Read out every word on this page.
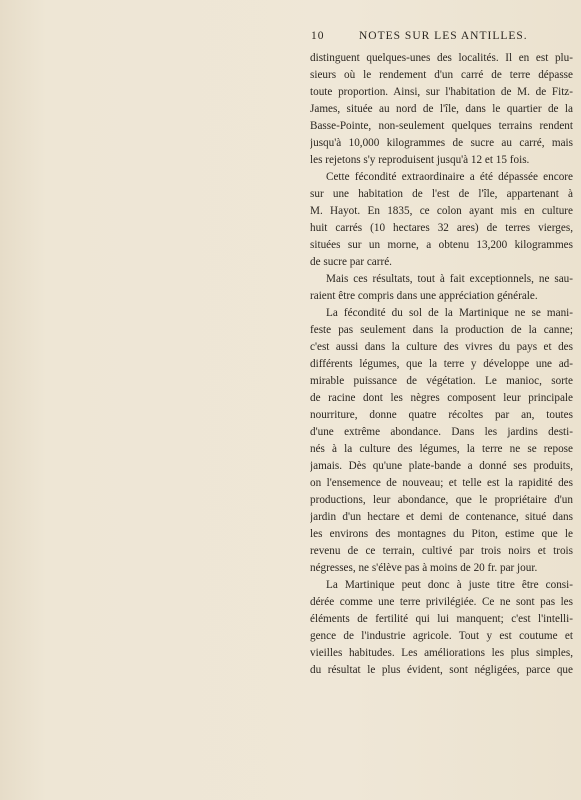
10	NOTES SUR LES ANTILLES.
distinguent quelques-unes des localités. Il en est plu-
sieurs où le rendement d'un carré de terre dépasse
toute proportion. Ainsi, sur l'habitation de M. de Fitz-
James, située au nord de l'île, dans le quartier de la
Basse-Pointe, non-seulement quelques terrains rendent
jusqu'à 10,000 kilogrammes de sucre au carré, mais
les rejetons s'y reproduisent jusqu'à 12 et 15 fois.
Cette fécondité extraordinaire a été dépassée encore
sur une habitation de l'est de l'île, appartenant à
M. Hayot. En 1835, ce colon ayant mis en culture
huit carrés (10 hectares 32 ares) de terres vierges,
situées sur un morne, a obtenu 13,200 kilogrammes
de sucre par carré.
Mais ces résultats, tout à fait exceptionnels, ne sau-
raient être compris dans une appréciation générale.
La fécondité du sol de la Martinique ne se mani-
feste pas seulement dans la production de la canne;
c'est aussi dans la culture des vivres du pays et des
différents légumes, que la terre y développe une ad-
mirable puissance de végétation. Le manioc, sorte
de racine dont les nègres composent leur principale
nourriture, donne quatre récoltes par an, toutes
d'une extrême abondance. Dans les jardins desti-
nés à la culture des légumes, la terre ne se repose
jamais. Dès qu'une plate-bande a donné ses produits,
on l'ensemence de nouveau; et telle est la rapidité des
productions, leur abondance, que le propriétaire d'un
jardin d'un hectare et demi de contenance, situé dans
les environs des montagnes du Piton, estime que le
revenu de ce terrain, cultivé par trois noirs et trois
négresses, ne s'élève pas à moins de 20 fr. par jour.
La Martinique peut donc à juste titre être consi-
dérée comme une terre privilégiée. Ce ne sont pas les
éléments de fertilité qui lui manquent; c'est l'intelli-
gence de l'industrie agricole. Tout y est coutume et
vieilles habitudes. Les améliorations les plus simples,
du résultat le plus évident, sont négligées, parce que
